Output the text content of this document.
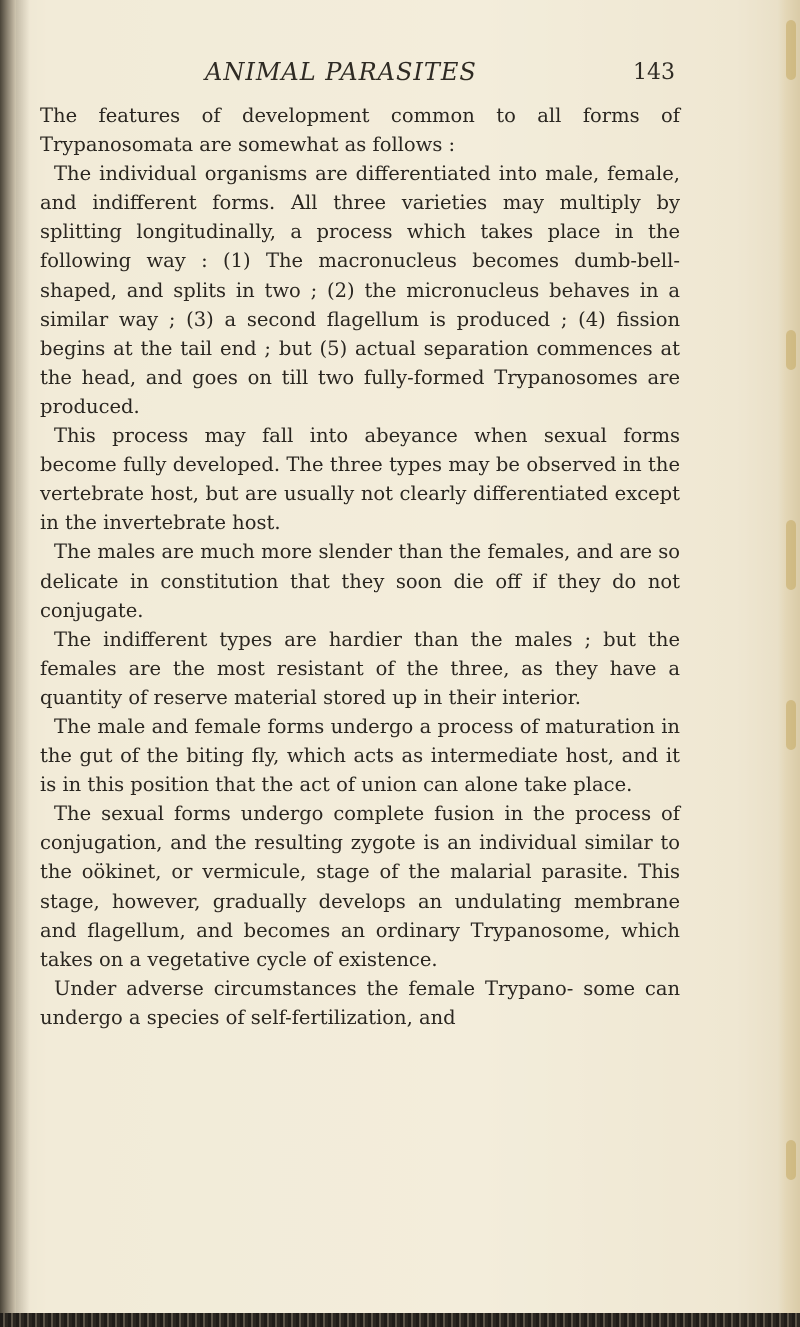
ANIMAL PARASITES	143

The features of development common to all forms of Trypanosomata are somewhat as follows :

The individual organisms are differentiated into male, female, and indifferent forms. All three varieties may multiply by splitting longitudinally, a process which takes place in the following way : (1) The macronucleus becomes dumb-bell-shaped, and splits in two ; (2) the micronucleus behaves in a similar way ; (3) a second flagellum is produced ; (4) fission begins at the tail end ; but (5) actual separation commences at the head, and goes on till two fully-formed Trypanosomes are produced.

This process may fall into abeyance when sexual forms become fully developed. The three types may be observed in the vertebrate host, but are usually not clearly differentiated except in the invertebrate host.

The males are much more slender than the females, and are so delicate in constitution that they soon die off if they do not conjugate.

The indifferent types are hardier than the males ; but the females are the most resistant of the three, as they have a quantity of reserve material stored up in their interior.

The male and female forms undergo a process of maturation in the gut of the biting fly, which acts as intermediate host, and it is in this position that the act of union can alone take place.

The sexual forms undergo complete fusion in the process of conjugation, and the resulting zygote is an individual similar to the oökinet, or vermicule, stage of the malarial parasite. This stage, however, gradually develops an undulating membrane and flagellum, and becomes an ordinary Trypanosome, which takes on a vegetative cycle of existence.

Under adverse circumstances the female Trypano- some can undergo a species of self-fertilization, and
